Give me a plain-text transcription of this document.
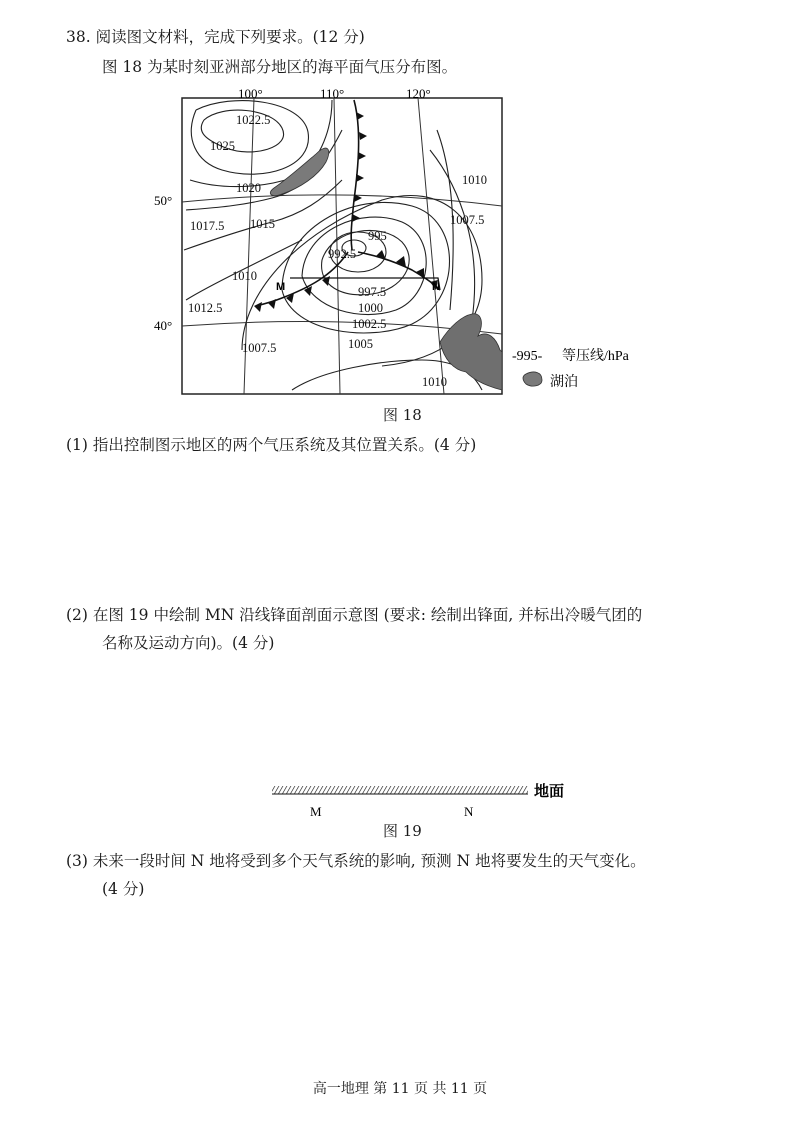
38. 阅读图文材料，完成下列要求。(12 分)
图 18 为某时刻亚洲部分地区的海平面气压分布图。
100°	110°	120°
50°
40°
1022.5
1025
1020
1017.5 1015
1010
1012.5
1007.5
995
992.5
997.5
1000
1002.5
1005
1010
1007.5
1010
M	N
-995- 等压线/hPa
湖泊
图 18
(1) 指出控制图示地区的两个气压系统及其位置关系。(4 分)
(2) 在图 19 中绘制 MN 沿线锋面剖面示意图 (要求: 绘制出锋面, 并标出冷暖气团的
名称及运动方向)。(4 分)
地面
M	N
图 19
(3) 未来一段时间 N 地将受到多个天气系统的影响, 预测 N 地将要发生的天气变化。
(4 分)
高一地理 第 11 页 共 11 页
